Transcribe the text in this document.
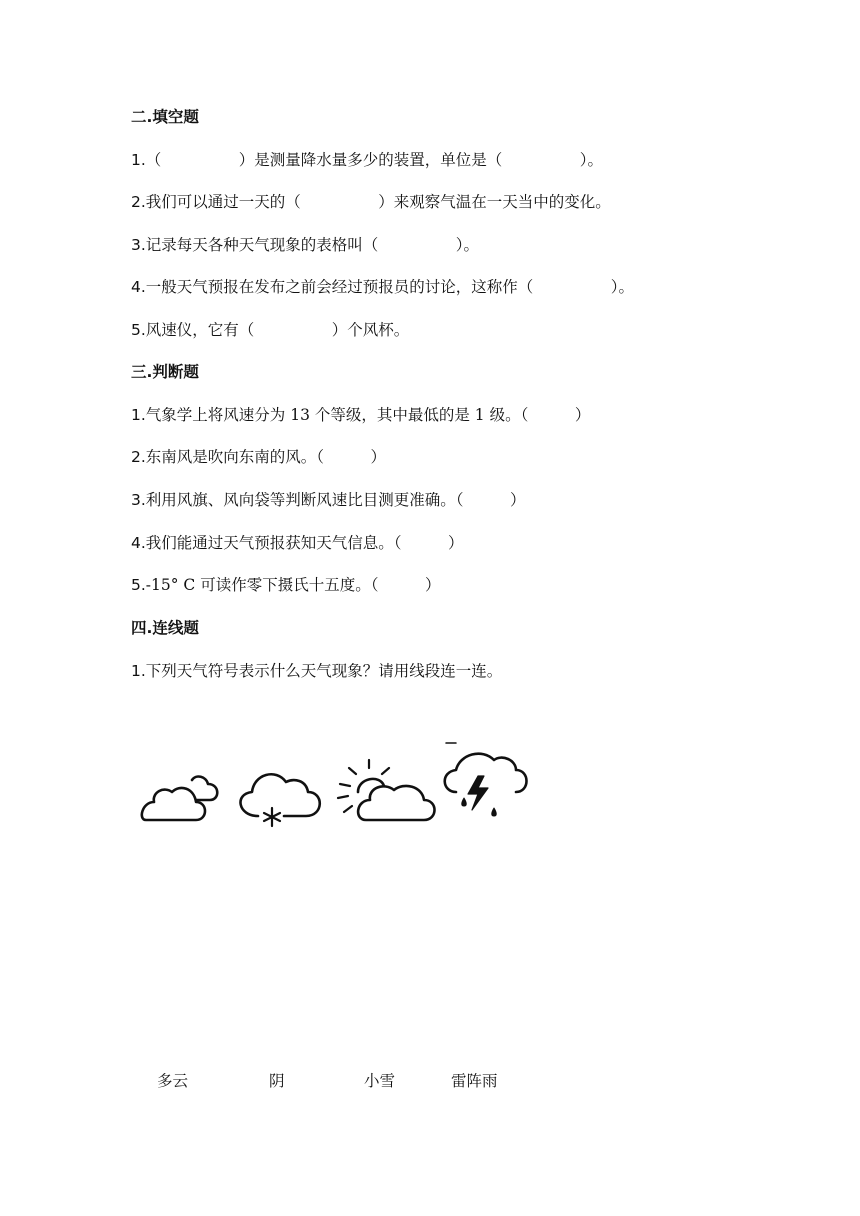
二.填空题
1.（　　　　　）是测量降水量多少的装置，单位是（　　　　　）。
2.我们可以通过一天的（　　　　　）来观察气温在一天当中的变化。
3.记录每天各种天气现象的表格叫（　　　　　）。
4.一般天气预报在发布之前会经过预报员的讨论，这称作（　　　　　）。
5.风速仪，它有（　　　　　）个风杯。
三.判断题
1.气象学上将风速分为 13 个等级，其中最低的是 1 级。（　　　）
2.东南风是吹向东南的风。（　　　）
3.利用风旗、风向袋等判断风速比目测更准确。（　　　）
4.我们能通过天气预报获知天气信息。（　　　）
5.-15° C 可读作零下摄氏十五度。（　　　）
四.连线题
1.下列天气符号表示什么天气现象？请用线段连一连。
多云	阴	小雪	雷阵雨
